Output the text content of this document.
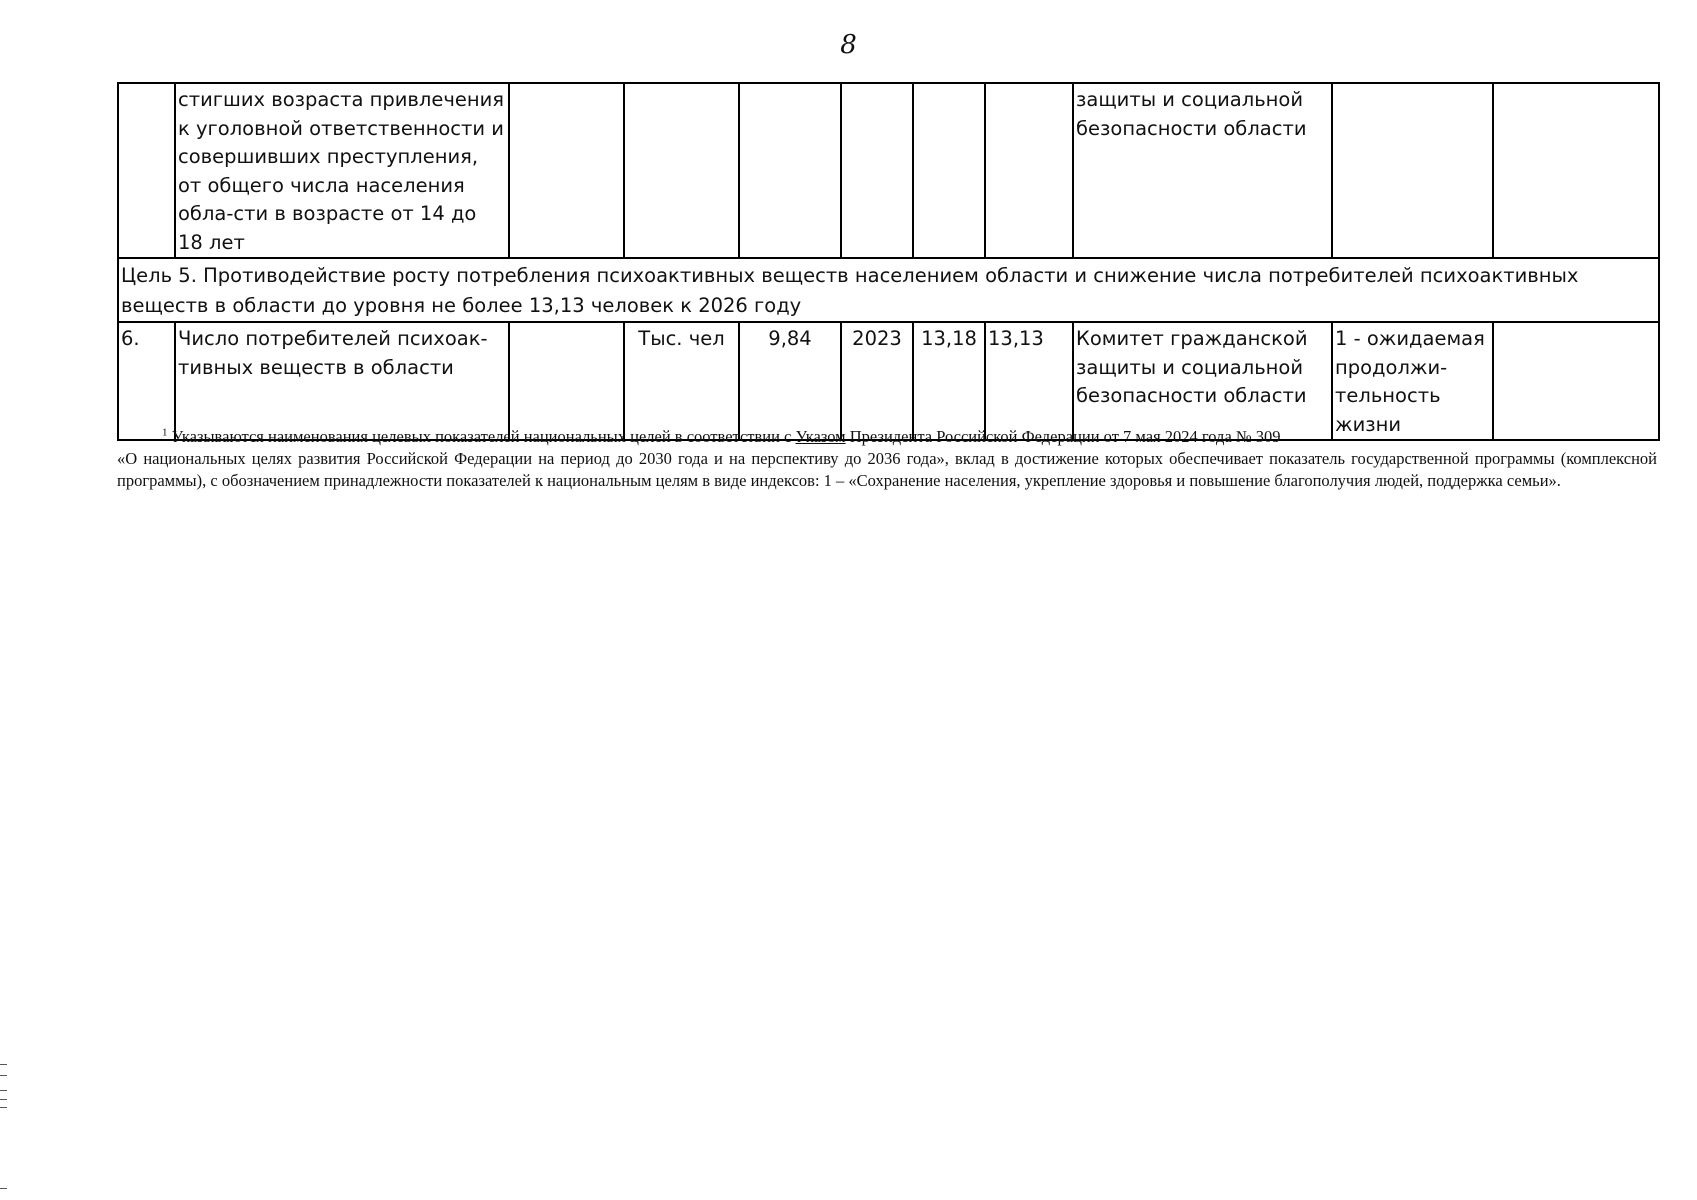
8
	стигших возраста привлечения к уголовной ответственности и совершивших преступления, от общего числа населения обла-сти в возрасте от 14 до 18 лет							защиты и социальной безопасности области		
Цель 5. Противодействие росту потребления психоактивных веществ населением области и снижение числа потребителей психоактивных веществ в области до уровня не более 13,13 человек к 2026 году										
6.	Число потребителей психоак-тивных веществ в области		Тыс. чел	9,84	2023	13,18	13,13	Комитет гражданской защиты и социальной безопасности области	1 - ожидаемая продолжи-тельность жизни	
$^1$ Указываются наименования целевых показателей национальных целей в соответствии с Указом Президента Российской Федерации от 7 мая 2024 года № 309
«О национальных целях развития Российской Федерации на период до 2030 года и на перспективу до 2036 года», вклад в достижение которых обеспечивает показатель государственной программы (комплексной программы), с обозначением принадлежности показателей к национальным целям в виде индексов: 1 – «Сохранение населения, укрепление здоровья и повышение благополучия людей, поддержка семьи».
